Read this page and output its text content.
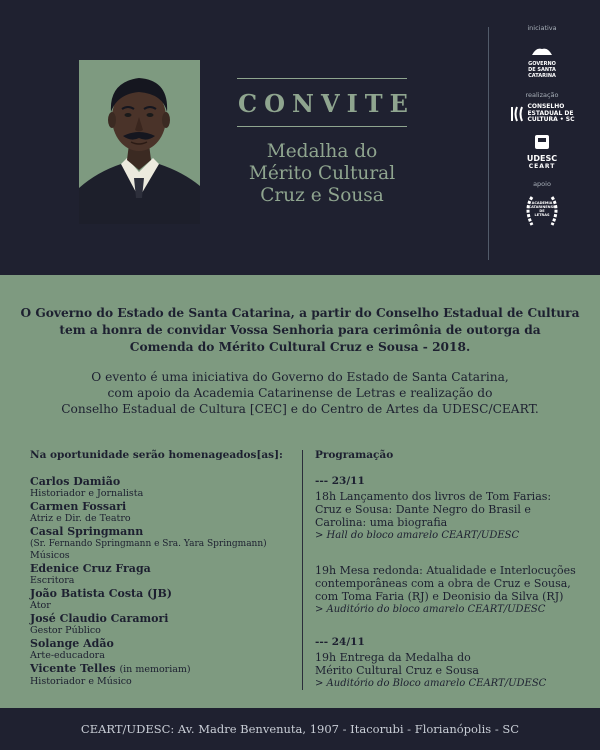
CONVITE
Medalha do
Mérito Cultural
Cruz e Sousa
iniciativa
GOVERNO
DE SANTA
CATARINA
realização
CONSELHO
ESTADUAL DE
CULTURA • SC
UDESC
CEART
apoio
ACADEMIA
CATARINENSE
DE
LETRAS
O Governo do Estado de Santa Catarina, a partir do Conselho Estadual de Cultura
tem a honra de convidar Vossa Senhoria para cerimônia de outorga da
Comenda do Mérito Cultural Cruz e Sousa - 2018.
O evento é uma iniciativa do Governo do Estado de Santa Catarina,
com apoio da Academia Catarinense de Letras e realização do
Conselho Estadual de Cultura [CEC] e do Centro de Artes da UDESC/CEART.
Na oportunidade serão homenageados[as]:
Carlos Damião
Historiador e Jornalista
Carmen Fossari
Atriz e Dir. de Teatro
Casal Springmann
(Sr. Fernando Springmann e Sra. Yara Springmann)
Músicos
Edenice Cruz Fraga
Escritora
João Batista Costa (JB)
Ator
José Claudio Caramori
Gestor Público
Solange Adão
Arte-educadora
Vicente Telles (in memoriam)
Historiador e Músico
Programação
--- 23/11
18h Lançamento dos livros de Tom Farias:
Cruz e Sousa: Dante Negro do Brasil e
Carolina: uma biografia
> Hall do bloco amarelo CEART/UDESC
19h Mesa redonda: Atualidade e Interlocuções
contemporâneas com a obra de Cruz e Sousa,
com Toma Faria (RJ) e Deonisio da Silva (RJ)
> Auditório do bloco amarelo CEART/UDESC
--- 24/11
19h Entrega da Medalha do
Mérito Cultural Cruz e Sousa
> Auditório do Bloco amarelo CEART/UDESC
CEART/UDESC: Av. Madre Benvenuta, 1907 - Itacorubi - Florianópolis - SC
